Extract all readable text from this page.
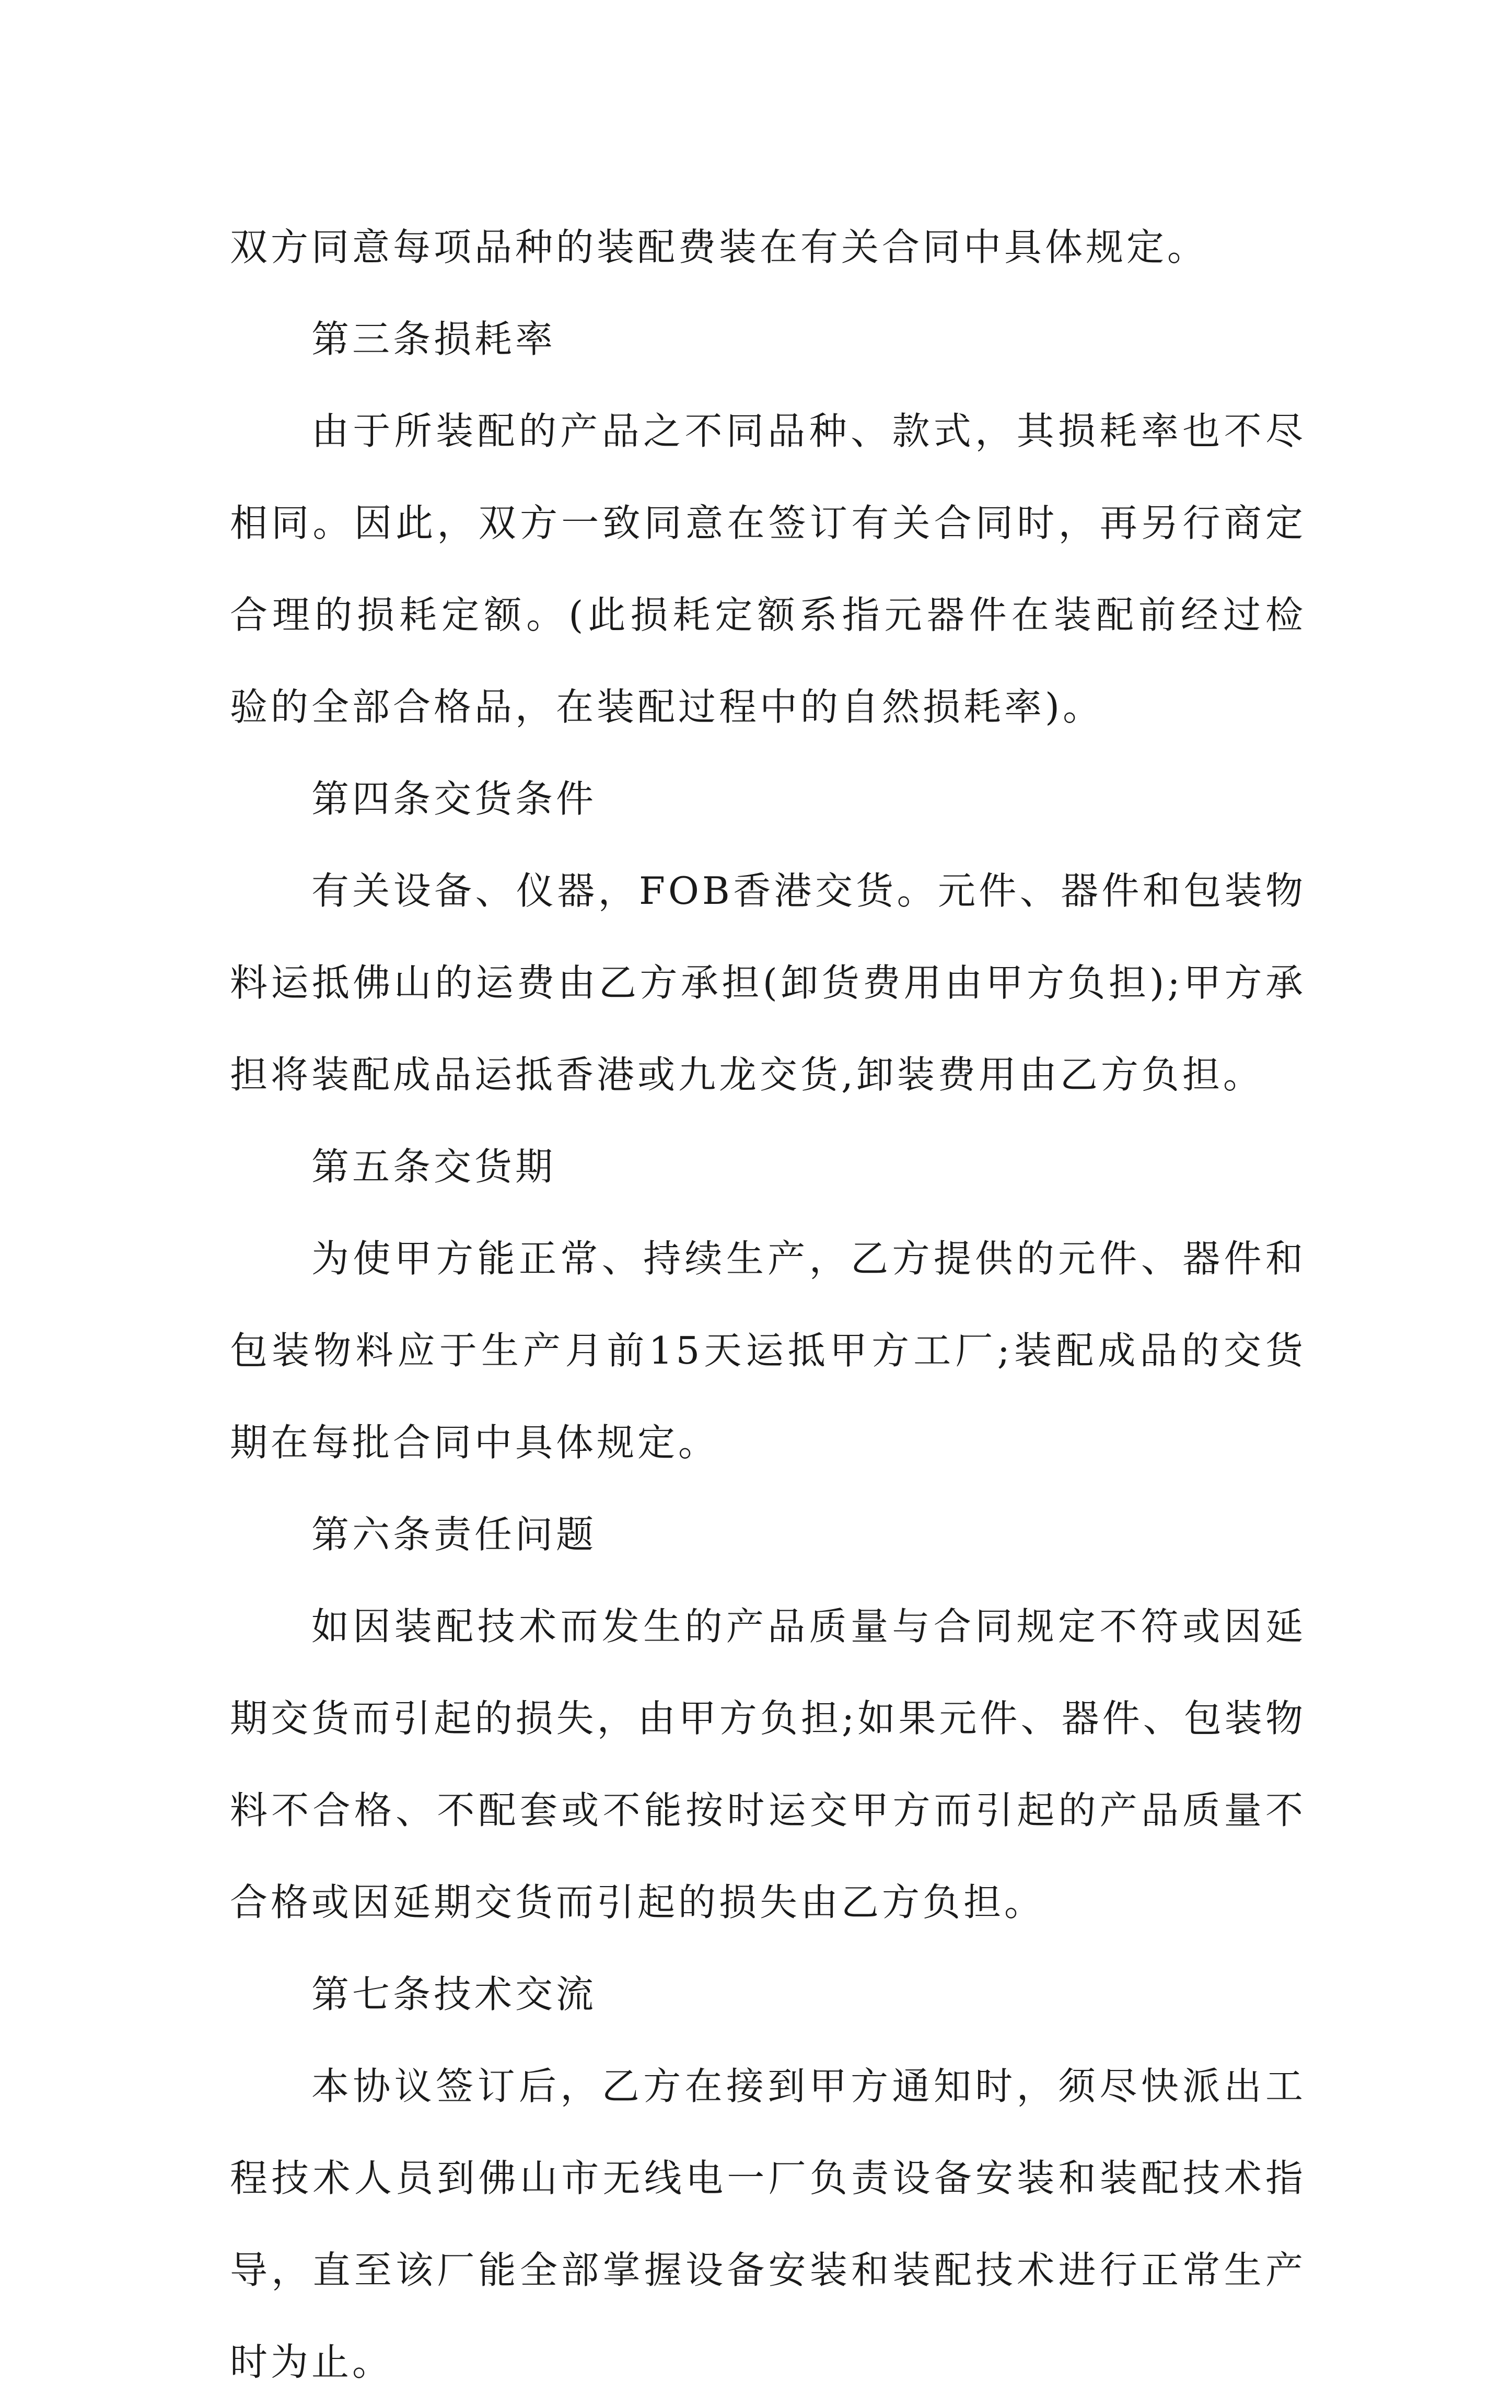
双方同意每项品种的装配费装在有关合同中具体规定。

第三条损耗率

由于所装配的产品之不同品种、款式，其损耗率也不尽相同。因此，双方一致同意在签订有关合同时，再另行商定合理的损耗定额。(此损耗定额系指元器件在装配前经过检验的全部合格品，在装配过程中的自然损耗率)。

第四条交货条件

有关设备、仪器，FOB香港交货。元件、器件和包装物料运抵佛山的运费由乙方承担(卸货费用由甲方负担);甲方承担将装配成品运抵香港或九龙交货,卸装费用由乙方负担。

第五条交货期

为使甲方能正常、持续生产，乙方提供的元件、器件和包装物料应于生产月前15天运抵甲方工厂;装配成品的交货期在每批合同中具体规定。

第六条责任问题

如因装配技术而发生的产品质量与合同规定不符或因延期交货而引起的损失，由甲方负担;如果元件、器件、包装物料不合格、不配套或不能按时运交甲方而引起的产品质量不合格或因延期交货而引起的损失由乙方负担。

第七条技术交流

本协议签订后，乙方在接到甲方通知时，须尽快派出工程技术人员到佛山市无线电一厂负责设备安装和装配技术指导，直至该厂能全部掌握设备安装和装配技术进行正常生产时为止。
